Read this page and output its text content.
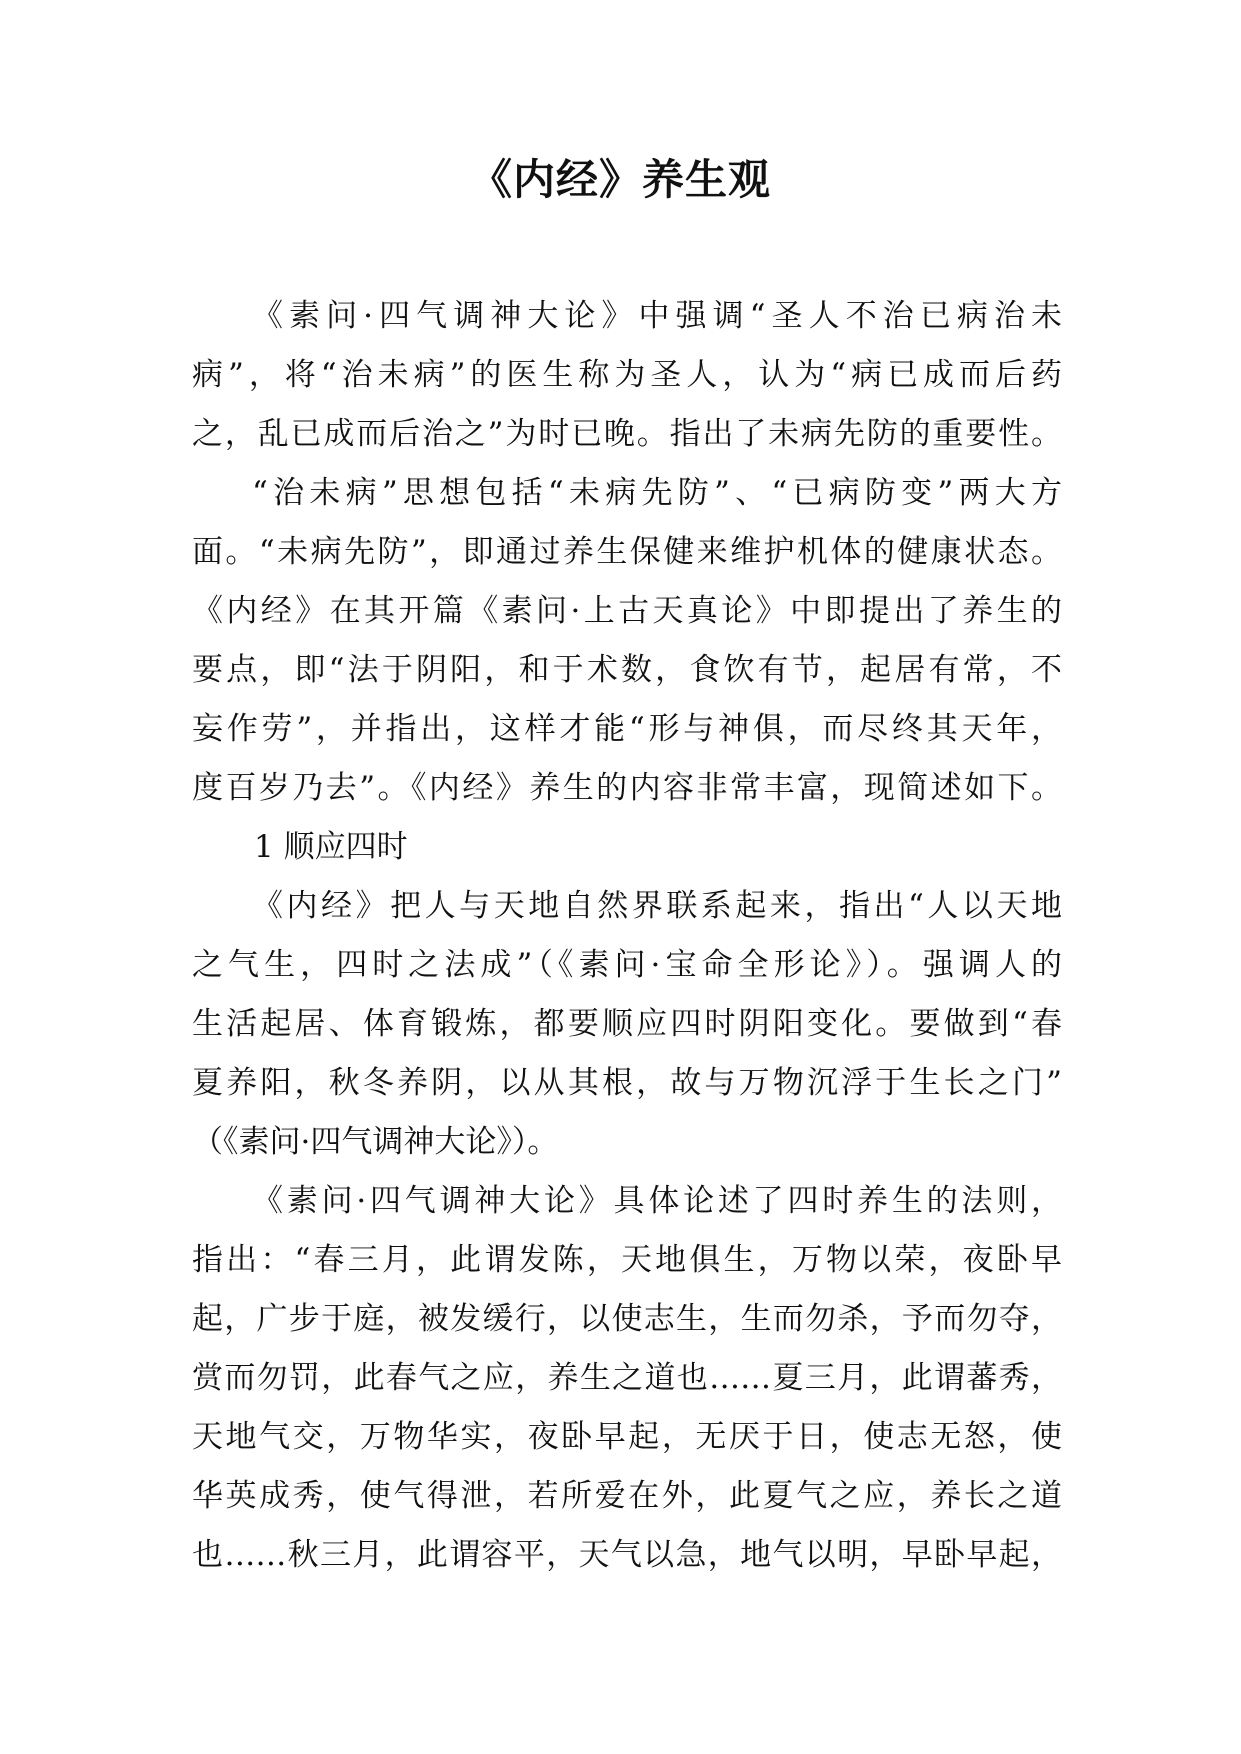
《内经》养生观
《素问·四气调神大论》中强调“圣人不治已病治未
病”，将“治未病”的医生称为圣人，认为“病已成而后药
之，乱已成而后治之”为时已晚。指出了未病先防的重要性。
“治未病”思想包括“未病先防”、“已病防变”两大方
面。“未病先防”，即通过养生保健来维护机体的健康状态。
《内经》在其开篇《素问·上古天真论》中即提出了养生的
要点，即“法于阴阳，和于术数，食饮有节，起居有常，不
妄作劳”，并指出，这样才能“形与神俱，而尽终其天年，
度百岁乃去”。《内经》养生的内容非常丰富，现简述如下。
1 顺应四时
《内经》把人与天地自然界联系起来，指出“人以天地
之气生，四时之法成”（《素问·宝命全形论》）。强调人的
生活起居、体育锻炼，都要顺应四时阴阳变化。要做到“春
夏养阳，秋冬养阴，以从其根，故与万物沉浮于生长之门”
（《素问·四气调神大论》）。
《素问·四气调神大论》具体论述了四时养生的法则，
指出：“春三月，此谓发陈，天地俱生，万物以荣，夜卧早
起，广步于庭，被发缓行，以使志生，生而勿杀，予而勿夺，
赏而勿罚，此春气之应，养生之道也……夏三月，此谓蕃秀，
天地气交，万物华实，夜卧早起，无厌于日，使志无怒，使
华英成秀，使气得泄，若所爱在外，此夏气之应，养长之道
也……秋三月，此谓容平，天气以急，地气以明，早卧早起，
